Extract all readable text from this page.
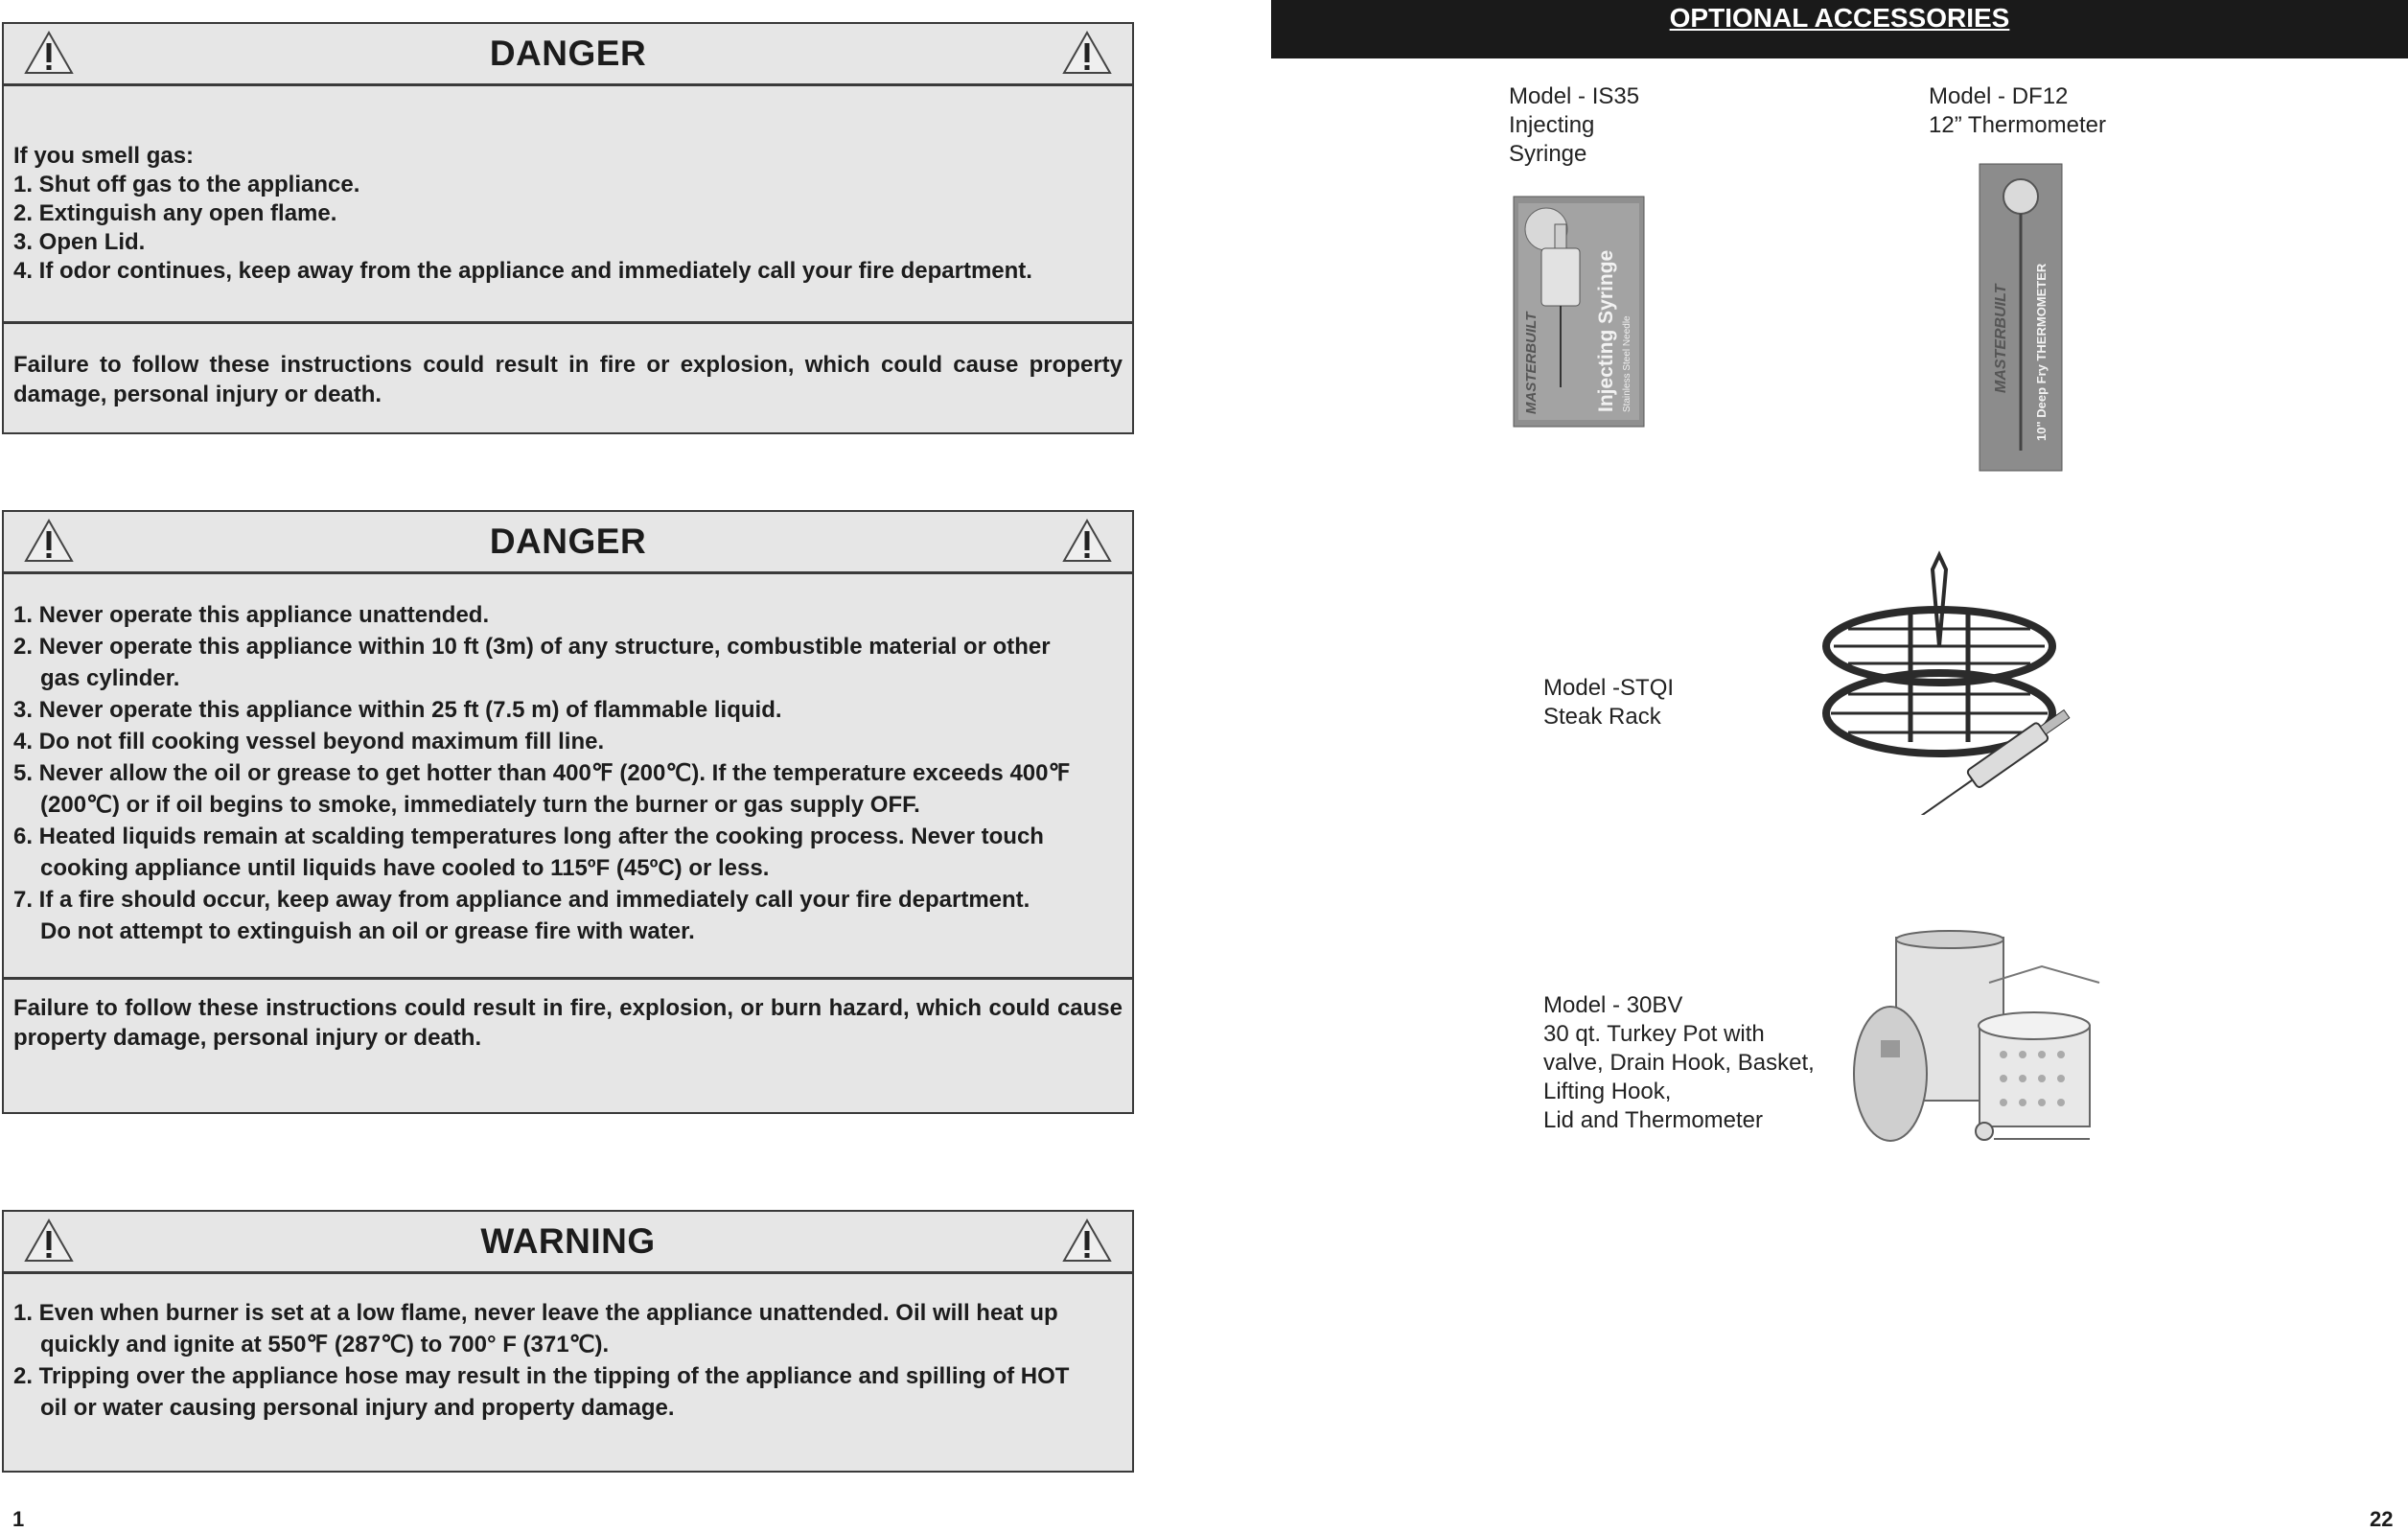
DANGER

If you smell gas:

1. Shut off gas to the appliance.

2. Extinguish any open flame.

3. Open Lid.

4. If odor continues, keep away from the appliance and immediately call your fire department.

Failure to follow these instructions could result in fire or explosion, which could cause property damage, personal injury or death.
DANGER

1. Never operate this appliance unattended.

2. Never operate this appliance within 10 ft (3m) of any structure, combustible material or other

gas cylinder.

3. Never operate this appliance within 25 ft (7.5 m) of flammable liquid.

4. Do not fill cooking vessel beyond maximum fill line.

5. Never allow the oil or grease to get hotter than 400℉ (200℃). If the temperature exceeds 400℉

(200℃) or if oil begins to smoke, immediately turn the burner or gas supply OFF.

6. Heated liquids remain at scalding temperatures long after the cooking process. Never touch

cooking appliance until liquids have cooled to 115ºF (45ºC) or less.

7. If a fire should occur, keep away from appliance and immediately call your fire department.

Do not attempt to extinguish an oil or grease fire with water.

Failure to follow these instructions could result in fire, explosion, or burn hazard, which could cause property damage, personal injury or death.
WARNING

1. Even when burner is set at a low flame, never leave the appliance unattended. Oil will heat up

quickly and ignite at 550℉ (287℃) to 700° F (371℃).

2. Tripping over the appliance hose may result in the tipping of the appliance and spilling of HOT

oil or water causing personal injury and property damage.

1
OPTIONAL ACCESSORIES
Model - IS35
Injecting
Syringe
MASTERBUILT	Injecting Syringe Stainless Steel Needle
Model - DF12
12” Thermometer
MASTERBUILT 10" Deep Fry THERMOMETER
Model -STQI
Steak Rack
Model - 30BV
30 qt. Turkey Pot with
valve, Drain Hook, Basket,
Lifting Hook,
Lid and Thermometer
22
